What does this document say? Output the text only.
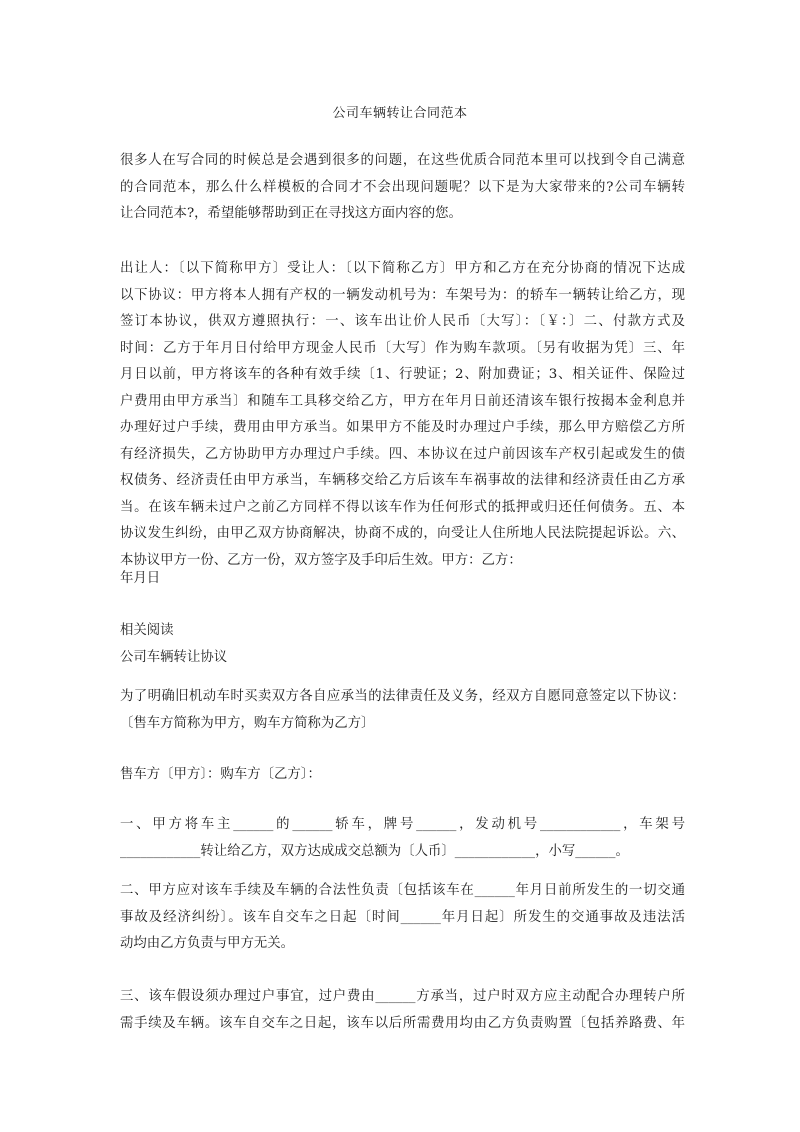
公司车辆转让合同范本
很多人在写合同的时候总是会遇到很多的问题，在这些优质合同范本里可以找到令自己满意
的合同范本，那么什么样模板的合同才不会出现问题呢？以下是为大家带来的?公司车辆转
让合同范本?，希望能够帮助到正在寻找这方面内容的您。
出让人：〔以下简称甲方〕受让人：〔以下简称乙方〕甲方和乙方在充分协商的情况下达成
以下协议：甲方将本人拥有产权的一辆发动机号为：车架号为：的轿车一辆转让给乙方，现
签订本协议，供双方遵照执行：一、该车出让价人民币〔大写〕：〔￥：〕二、付款方式及
时间：乙方于年月日付给甲方现金人民币〔大写〕作为购车款项。〔另有收据为凭〕三、年
月日以前，甲方将该车的各种有效手续〔1、行驶证；2、附加费证；3、相关证件、保险过
户费用由甲方承当〕和随车工具移交给乙方，甲方在年月日前还清该车银行按揭本金利息并
办理好过户手续，费用由甲方承当。如果甲方不能及时办理过户手续，那么甲方赔偿乙方所
有经济损失，乙方协助甲方办理过户手续。四、本协议在过户前因该车产权引起或发生的债
权债务、经济责任由甲方承当，车辆移交给乙方后该车车祸事故的法律和经济责任由乙方承
当。在该车辆未过户之前乙方同样不得以该车作为任何形式的抵押或归还任何债务。五、本
协议发生纠纷，由甲乙双方协商解决，协商不成的，向受让人住所地人民法院提起诉讼。六、
本协议甲方一份、乙方一份，双方签字及手印后生效。甲方：乙方：
年月日
相关阅读
公司车辆转让协议
为了明确旧机动车时买卖双方各自应承当的法律责任及义务，经双方自愿同意签定以下协议：
〔售车方简称为甲方，购车方简称为乙方〕
售车方〔甲方〕：购车方〔乙方〕：
一、甲方将车主______的______轿车，牌号______，发动机号____________，车架号
____________转让给乙方，双方达成成交总额为〔人币〕____________，小写______。
二、甲方应对该车手续及车辆的合法性负责〔包括该车在______年月日前所发生的一切交通
事故及经济纠纷〕。该车自交车之日起〔时间______年月日起〕所发生的交通事故及违法活
动均由乙方负责与甲方无关。
三、该车假设须办理过户事宜，过户费由______方承当，过户时双方应主动配合办理转户所
需手续及车辆。该车自交车之日起，该车以后所需费用均由乙方负责购置〔包括养路费、年
